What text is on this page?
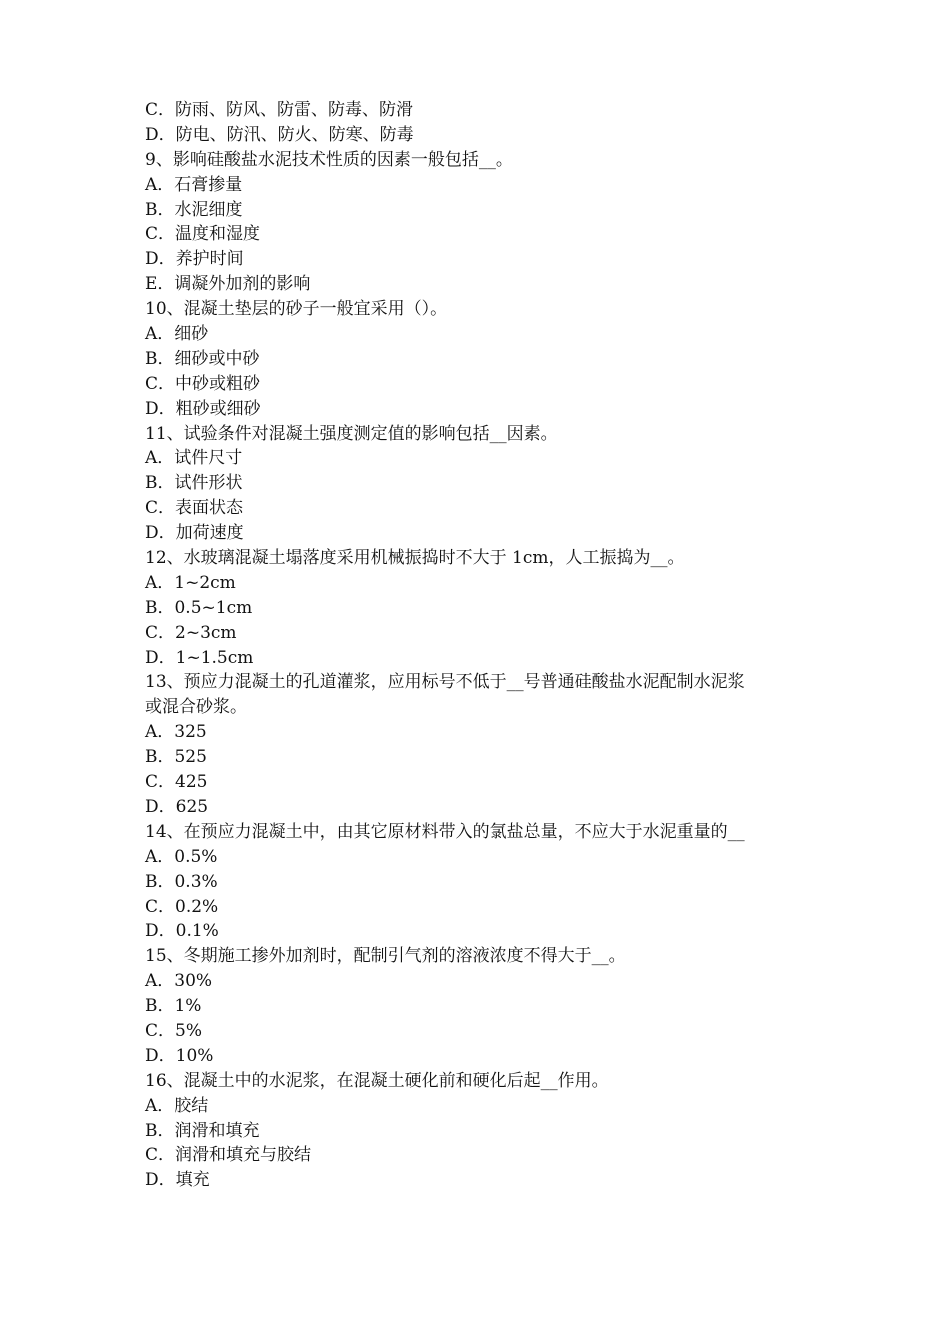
C．防雨、防风、防雷、防毒、防滑
D．防电、防汛、防火、防寒、防毒
9、影响硅酸盐水泥技术性质的因素一般包括__。
A．石膏掺量
B．水泥细度
C．温度和湿度
D．养护时间
E．调凝外加剂的影响
10、混凝土垫层的砂子一般宜采用（）。
A．细砂
B．细砂或中砂
C．中砂或粗砂
D．粗砂或细砂
11、试验条件对混凝土强度测定值的影响包括__因素。
A．试件尺寸
B．试件形状
C．表面状态
D．加荷速度
12、水玻璃混凝土塌落度采用机械振捣时不大于 1cm，人工振捣为__。
A．1~2cm
B．0.5~1cm
C．2~3cm
D．1~1.5cm
13、预应力混凝土的孔道灌浆，应用标号不低于__号普通硅酸盐水泥配制水泥浆
或混合砂浆。
A．325
B．525
C．425
D．625
14、在预应力混凝土中，由其它原材料带入的氯盐总量，不应大于水泥重量的__
A．0.5%
B．0.3%
C．0.2%
D．0.1%
15、冬期施工掺外加剂时，配制引气剂的溶液浓度不得大于__。
A．30%
B．1%
C．5%
D．10%
16、混凝土中的水泥浆，在混凝土硬化前和硬化后起__作用。
A．胶结
B．润滑和填充
C．润滑和填充与胶结
D．填充
